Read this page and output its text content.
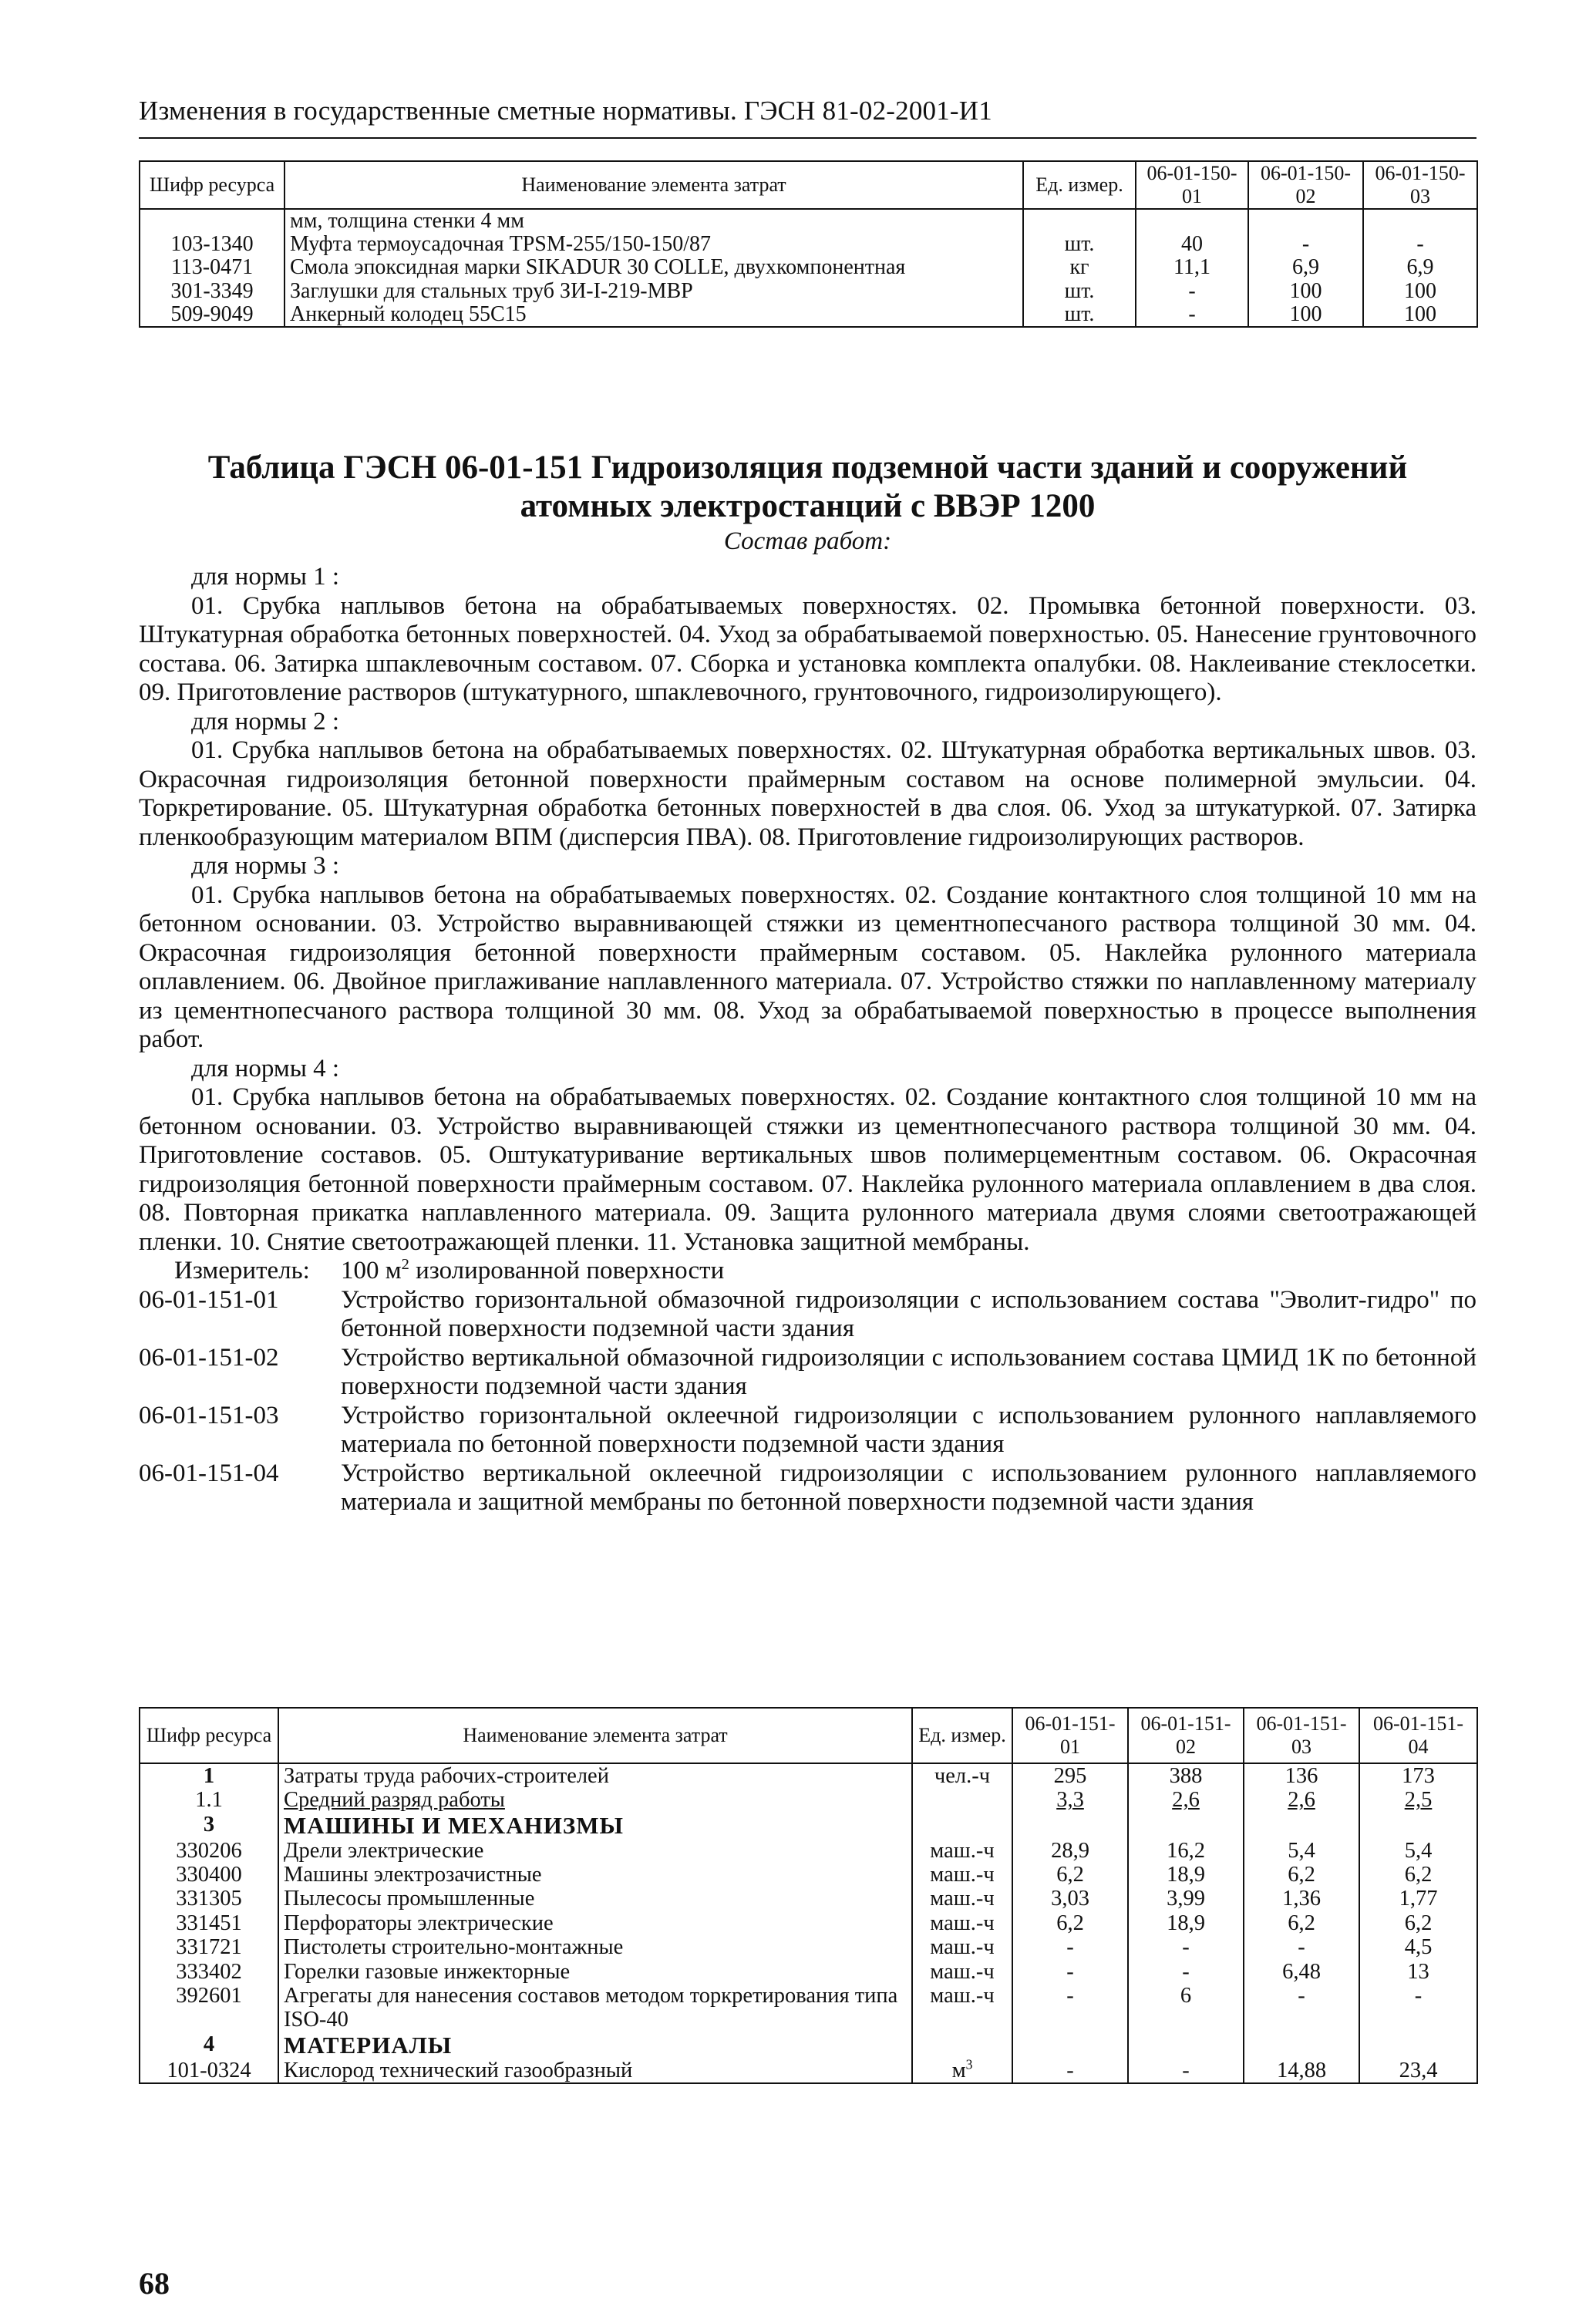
Изменения в государственные сметные нормативы. ГЭСН 81-02-2001-И1
Шифр ресурса	Наименование элемента затрат	Ед. измер.	06-01-150-01	06-01-150-02	06-01-150-03
	мм, толщина стенки 4 мм				
103-1340	Муфта термоусадочная TPSM-255/150-150/87	шт.	40	-	-
113-0471	Смола эпоксидная марки SIKADUR 30 COLLE, двухкомпонентная	кг	11,1	6,9	6,9
301-3349	Заглушки для стальных труб ЗИ-I-219-МВР	шт.	-	100	100
509-9049	Анкерный колодец 55С15	шт.	-	100	100
Таблица ГЭСН 06-01-151 Гидроизоляция подземной части зданий и сооружений атомных электростанций с ВВЭР 1200
Состав работ:

для нормы 1 :

01. Срубка наплывов бетона на обрабатываемых поверхностях. 02. Промывка бетонной поверхности. 03. Штукатурная обработка бетонных поверхностей. 04. Уход за обрабатываемой поверхностью. 05. Нанесение грунтовочного состава. 06. Затирка шпаклевочным составом. 07. Сборка и установка комплекта опалубки. 08. Наклеивание стеклосетки. 09. Приготовление растворов (штукатурного, шпаклевочного, грунтовочного, гидроизолирующего).

для нормы 2 :

01. Срубка наплывов бетона на обрабатываемых поверхностях. 02. Штукатурная обработка вертикальных швов. 03. Окрасочная гидроизоляция бетонной поверхности праймерным составом на основе полимерной эмульсии. 04. Торкретирование. 05. Штукатурная обработка бетонных поверхностей в два слоя. 06. Уход за штукатуркой. 07. Затирка пленкообразующим материалом ВПМ (дисперсия ПВА). 08. Приготовление гидроизолирующих растворов.

для нормы 3 :

01. Срубка наплывов бетона на обрабатываемых поверхностях. 02. Создание контактного слоя толщиной 10 мм на бетонном основании. 03. Устройство выравнивающей стяжки из цементнопесчаного раствора толщиной 30 мм. 04. Окрасочная гидроизоляция бетонной поверхности праймерным составом. 05. Наклейка рулонного материала оплавлением. 06. Двойное приглаживание наплавленного материала. 07. Устройство стяжки по наплавленному материалу из цементнопесчаного раствора толщиной 30 мм. 08. Уход за обрабатываемой поверхностью в процессе выполнения работ.

для нормы 4 :

01. Срубка наплывов бетона на обрабатываемых поверхностях. 02. Создание контактного слоя толщиной 10 мм на бетонном основании. 03. Устройство выравнивающей стяжки из цементнопесчаного раствора толщиной 30 мм. 04. Приготовление составов. 05. Оштукатуривание вертикальных швов полимерцементным составом. 06. Окрасочная гидроизоляция бетонной поверхности праймерным составом. 07. Наклейка рулонного материала оплавлением в два слоя. 08. Повторная прикатка наплавленного материала. 09. Защита рулонного материала двумя слоями светоотражающей пленки. 10. Снятие светоотражающей пленки. 11. Установка защитной мембраны.

Измеритель:	100 $м^2$ изолированной поверхности
06-01-151-01	Устройство горизонтальной обмазочной гидроизоляции с использованием состава "Эволит-гидро" по бетонной поверхности подземной части здания
06-01-151-02	Устройство вертикальной обмазочной гидроизоляции с использованием состава ЦМИД 1К по бетонной поверхности подземной части здания
06-01-151-03	Устройство горизонтальной оклеечной гидроизоляции с использованием рулонного наплавляемого материала по бетонной поверхности подземной части здания
06-01-151-04	Устройство вертикальной оклеечной гидроизоляции с использованием рулонного наплавляемого материала и защитной мембраны по бетонной поверхности подземной части здания
Шифр ресурса	Наименование элемента затрат	Ед. измер.	06-01-151-01	06-01-151-02	06-01-151-03	06-01-151-04
1	Затраты труда рабочих-строителей	чел.-ч	295	388	136	173
1.1	Средний разряд работы		3,3	2,6	2,6	2,5
3	МАШИНЫ И МЕХАНИЗМЫ					
330206	Дрели электрические	маш.-ч	28,9	16,2	5,4	5,4
330400	Машины электрозачистные	маш.-ч	6,2	18,9	6,2	6,2
331305	Пылесосы промышленные	маш.-ч	3,03	3,99	1,36	1,77
331451	Перфораторы электрические	маш.-ч	6,2	18,9	6,2	6,2
331721	Пистолеты строительно-монтажные	маш.-ч	-	-	-	4,5
333402	Горелки газовые инжекторные	маш.-ч	-	-	6,48	13
392601	Агрегаты для нанесения составов методом торкретирования типа ISO-40	маш.-ч	-	6	-	-
4	МАТЕРИАЛЫ					
101-0324	Кислород технический газообразный	$м^3$	-	-	14,88	23,4
68
